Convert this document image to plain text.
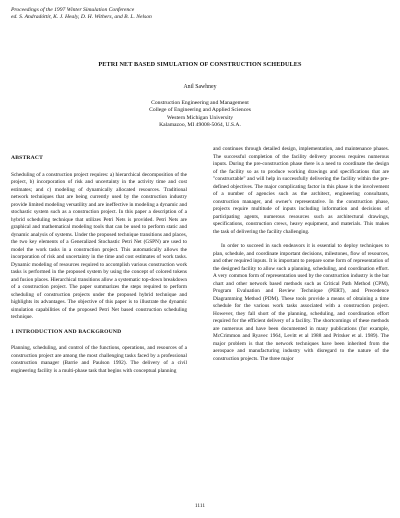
Proceedings of the 1997 Winter Simulation Conference
ed. S. Andradóttir, K. J. Healy, D. H. Withers, and B. L. Nelson
PETRI NET BASED SIMULATION OF CONSTRUCTION SCHEDULES
Anil Sawhney
Construction Engineering and Management
College of Engineering and Applied Sciences
Western Michigan University
Kalamazoo, MI 49008-5064, U.S.A.
ABSTRACT

Scheduling of a construction project requires: a) hierarchical decomposition of the project, b) incorporation of risk and uncertainty in the activity time and cost estimates; and c) modeling of dynamically allocated resources. Traditional network techniques that are being currently used by the construction industry provide limited modeling versatility and are ineffective in modeling a dynamic and stochastic system such as a construction project. In this paper a description of a hybrid scheduling technique that utilizes Petri Nets is provided. Petri Nets are graphical and mathematical modeling tools that can be used to perform static and dynamic analysis of systems. Under the proposed technique transitions and places, the two key elements of a Generalized Stochastic Petri Net (GSPN) are used to model the work tasks in a construction project. This automatically allows the incorporation of risk and uncertainty in the time and cost estimates of work tasks. Dynamic modeling of resources required to accomplish various construction work tasks is performed in the proposed system by using the concept of colored tokens and fusion places. Hierarchical transitions allow a systematic top-down breakdown of a construction project. The paper summarizes the steps required to perform scheduling of construction projects under the proposed hybrid technique and highlights its advantages. The objective of this paper is to illustrate the dynamic simulation capabilities of the proposed Petri Net based construction scheduling technique.

1 INTRODUCTION AND BACKGROUND

Planning, scheduling, and control of the functions, operations, and resources of a construction project are among the most challenging tasks faced by a professional construction manager (Barrie and Paulson 1992). The delivery of a civil engineering facility is a multi-phase task that begins with conceptual planning

and continues through detailed design, implementation, and maintenance phases. The successful completion of the facility delivery process requires numerous inputs. During the pre-construction phase there is a need to coordinate the design of the facility so as to produce working drawings and specifications that are "constructable" and will help in successfully delivering the facility within the pre-defined objectives. The major complicating factor in this phase is the involvement of a number of agencies such as the architect, engineering consultants, construction manager, and owner's representative. In the construction phase, projects require multitude of inputs including information and decisions of participating agents, numerous resources such as architectural drawings, specifications, construction crews, heavy equipment, and materials. This makes the task of delivering the facility challenging.

In order to succeed in such endeavors it is essential to deploy techniques to plan, schedule, and coordinate important decisions, milestones, flow of resources, and other required inputs. It is important to prepare some form of representation of the designed facility to allow such a planning, scheduling, and coordination effort. A very common form of representation used by the construction industry is the bar chart and other network based methods such as Critical Path Method (CPM), Program Evaluation and Review Technique (PERT), and Precedence Diagramming Method (PDM). These tools provide a means of obtaining a time schedule for the various work tasks associated with a construction project. However, they fall short of the planning, scheduling, and coordination effort required for the efficient delivery of a facility. The shortcomings of these methods are numerous and have been documented in many publications (for example, McCrimmon and Ryavec 1964, Levitt et al 1988 and Pritsker et al. 1989). The major problem is that the network techniques have been inherited from the aerospace and manufacturing industry with disregard to the nature of the construction projects. The three major

1111
